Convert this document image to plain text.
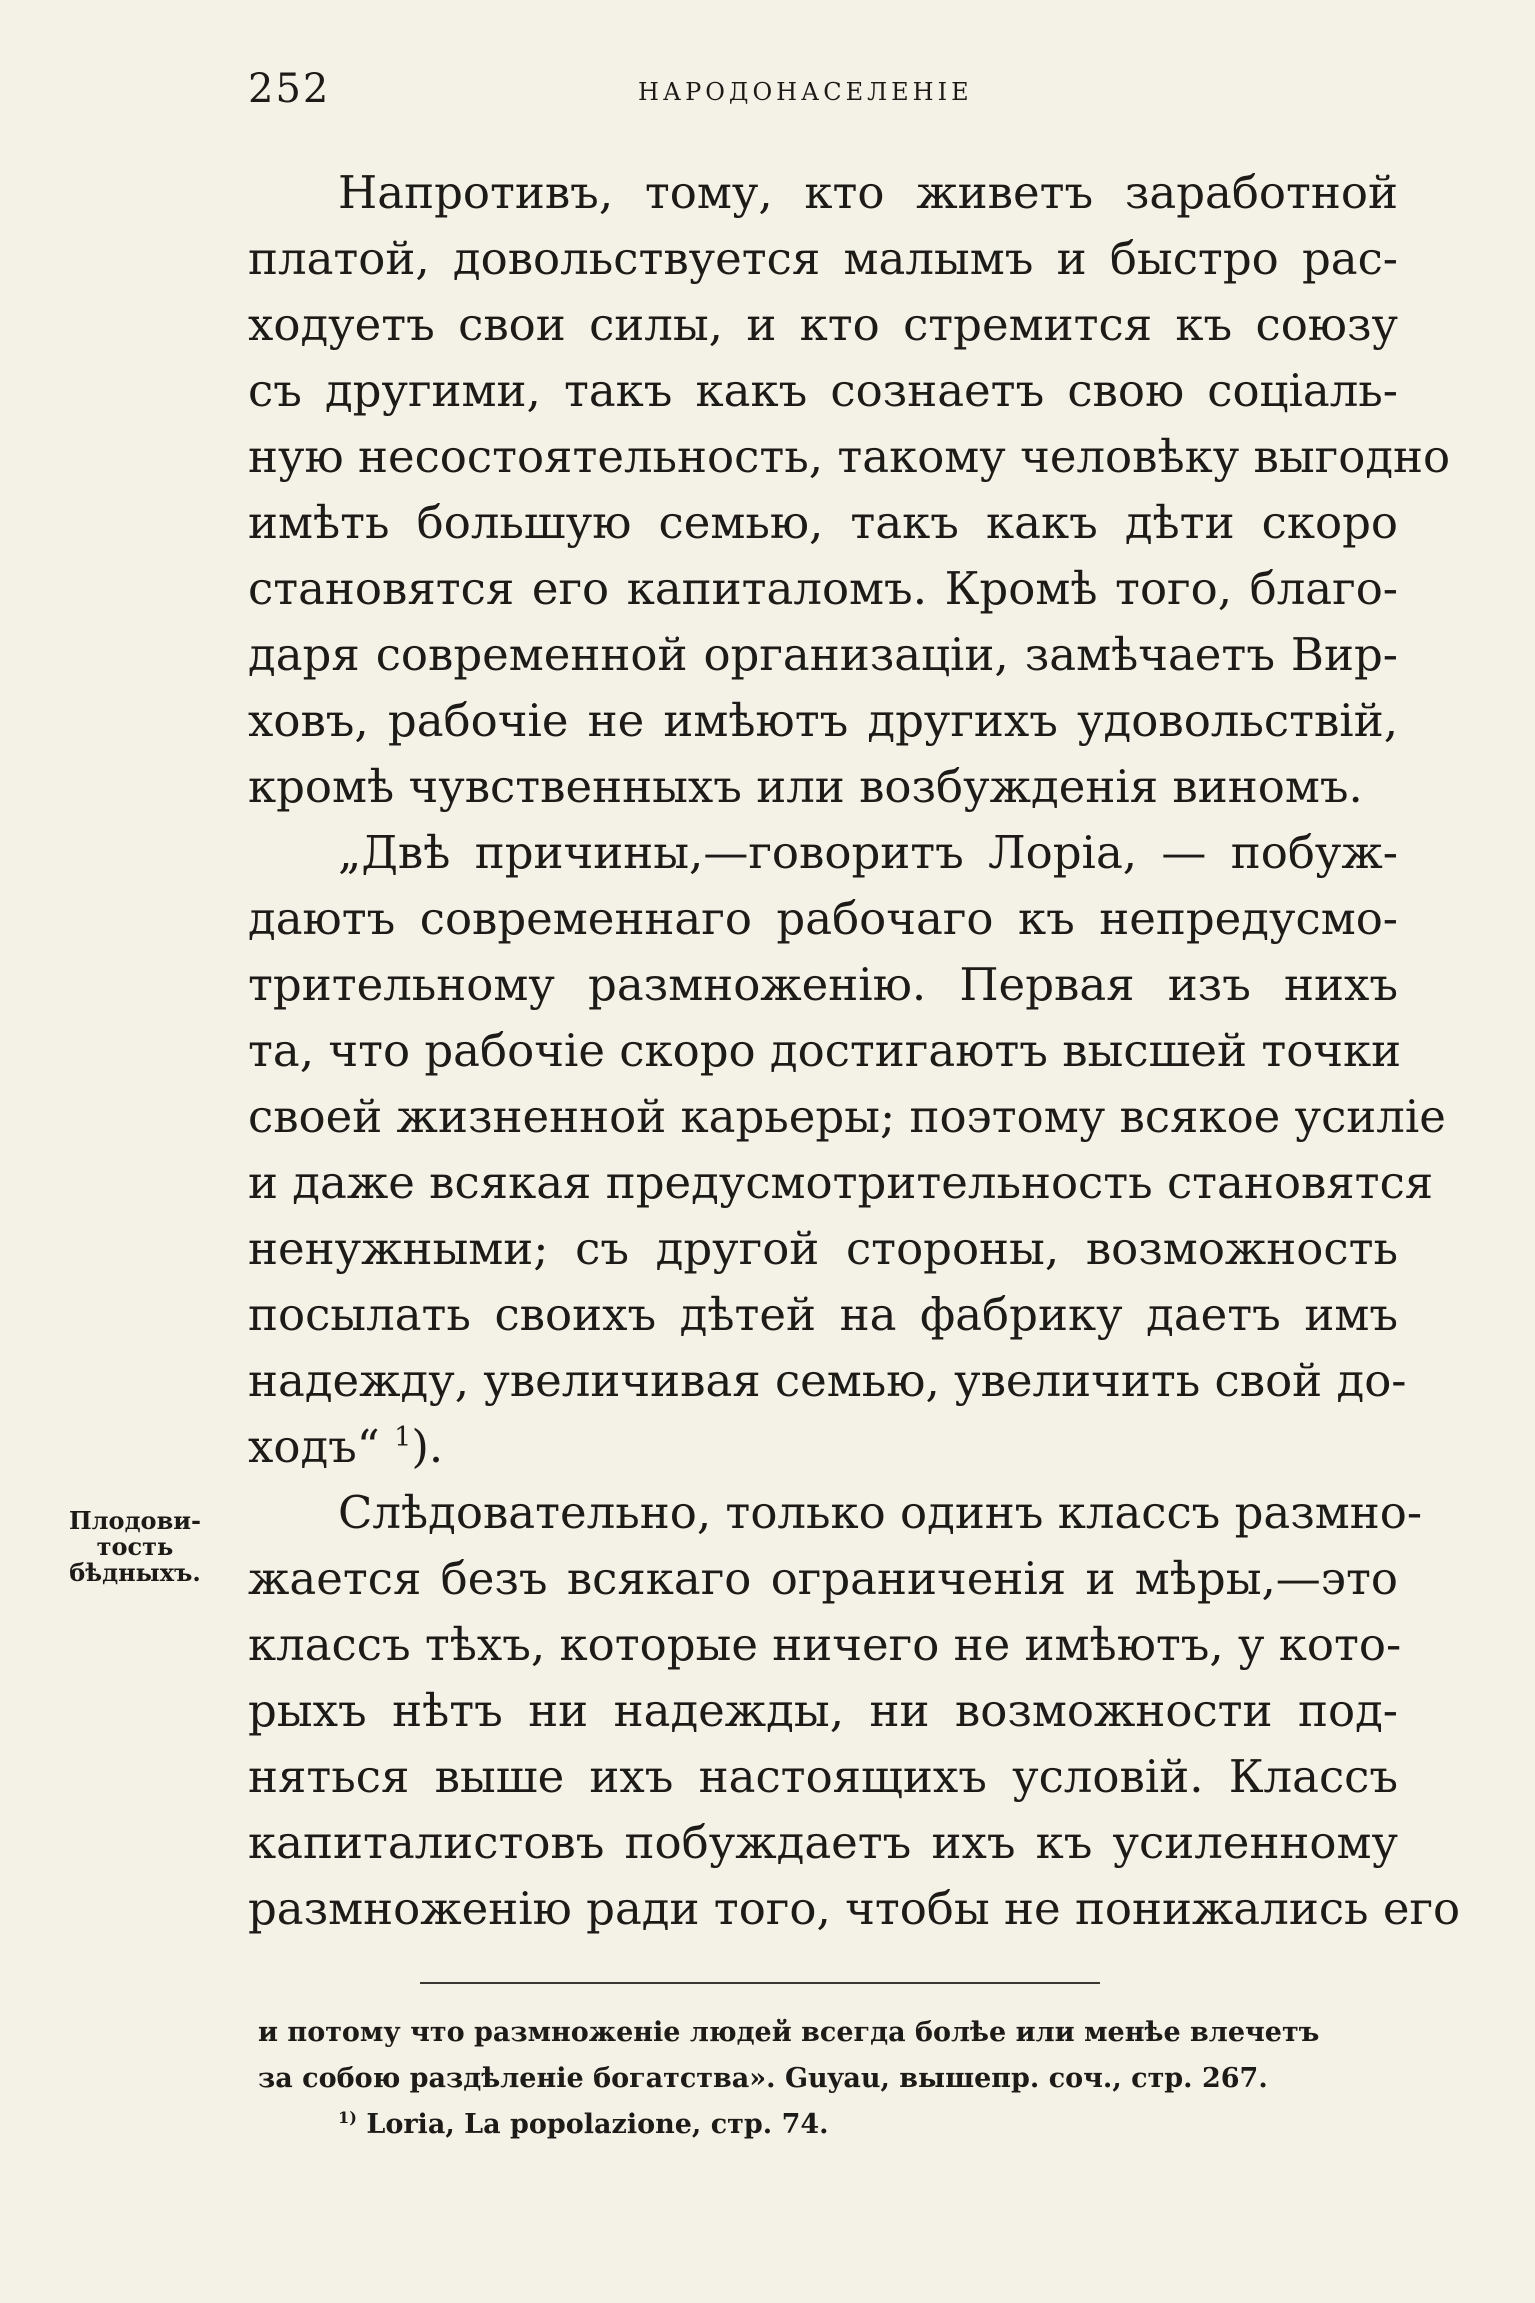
252	НАРОДОНАСЕЛЕНІЕ
Напротивъ, тому, кто живетъ заработной
платой, довольствуется малымъ и быстро рас-
ходуетъ свои силы, и кто стремится къ союзу
съ другими, такъ какъ сознаетъ свою соціаль-
ную несостоятельность, такому человѣку выгодно
имѣть большую семью, такъ какъ дѣти скоро
становятся его капиталомъ. Кромѣ того, благо-
даря современной организаціи, замѣчаетъ Вир-
ховъ, рабочіе не имѣютъ другихъ удовольствій,
кромѣ чувственныхъ или возбужденія виномъ.
„Двѣ причины,—говоритъ Лоріа, — побуж-
даютъ современнаго рабочаго къ непредусмо-
трительному размноженію. Первая изъ нихъ
та, что рабочіе скоро достигаютъ высшей точки
своей жизненной карьеры; поэтому всякое усиліе
и даже всякая предусмотрительность становятся
ненужными; съ другой стороны, возможность
посылать своихъ дѣтей на фабрику даетъ имъ
надежду, увеличивая семью, увеличить свой до-
ходъ“ $^1$).
Слѣдовательно, только одинъ классъ размно-
жается безъ всякаго ограниченія и мѣры,—это
классъ тѣхъ, которые ничего не имѣютъ, у кото-
рыхъ нѣтъ ни надежды, ни возможности под-
няться выше ихъ настоящихъ условій. Классъ
капиталистовъ побуждаетъ ихъ къ усиленному
размноженію ради того, чтобы не понижались его
Плодови-
тость
бѣдныхъ.
и потому что размноженіе людей всегда болѣе или менѣе влечетъ
за собою раздѣленіе богатства». Guyau, вышепр. соч., стр. 267.
$^{1)}$ Loria, La popolazione, стр. 74.
